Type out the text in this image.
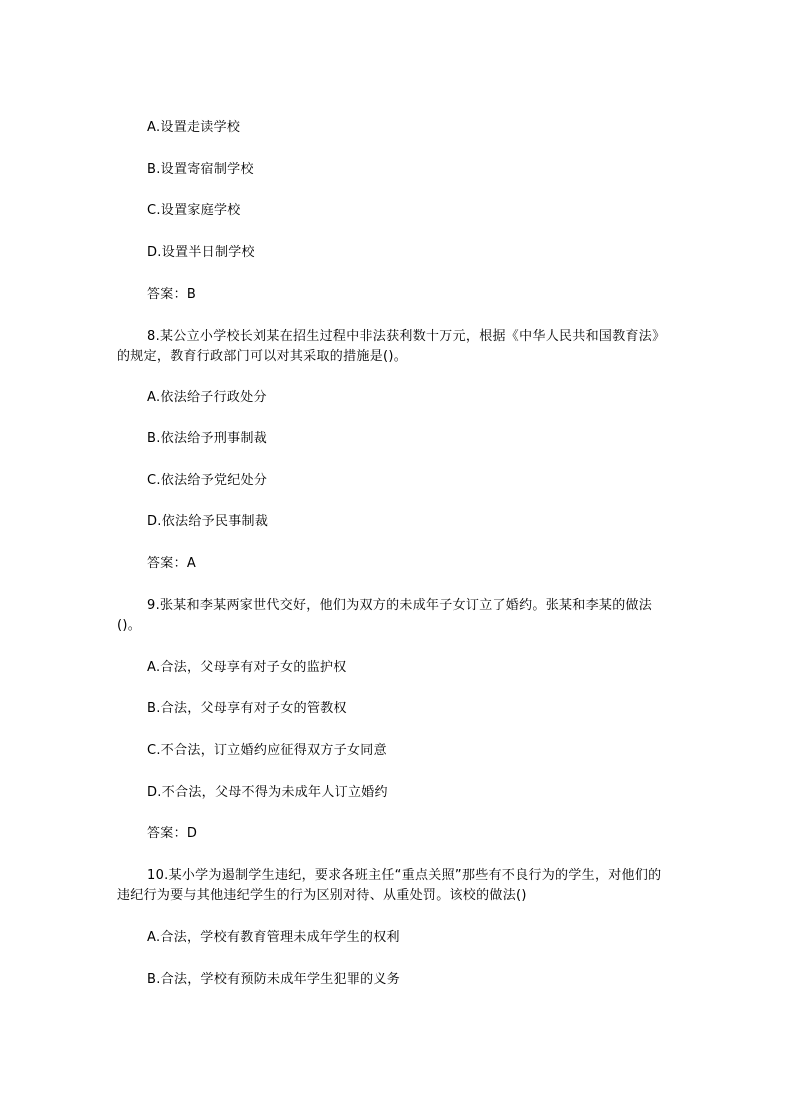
A.设置走读学校
B.设置寄宿制学校
C.设置家庭学校
D.设置半日制学校
答案：B
8.某公立小学校长刘某在招生过程中非法获利数十万元，根据《中华人民共和国教育法》的规定，教育行政部门可以对其采取的措施是()。
A.依法给子行政处分
B.依法给予刑事制裁
C.依法给予党纪处分
D.依法给予民事制裁
答案：A
9.张某和李某两家世代交好，他们为双方的未成年子女订立了婚约。张某和李某的做法()。
A.合法，父母享有对子女的监护权
B.合法，父母享有对子女的管教权
C.不合法，订立婚约应征得双方子女同意
D.不合法，父母不得为未成年人订立婚约
答案：D
10.某小学为遏制学生违纪，要求各班主任“重点关照”那些有不良行为的学生，对他们的违纪行为要与其他违纪学生的行为区别对待、从重处罚。该校的做法()
A.合法，学校有教育管理未成年学生的权利
B.合法，学校有预防未成年学生犯罪的义务
